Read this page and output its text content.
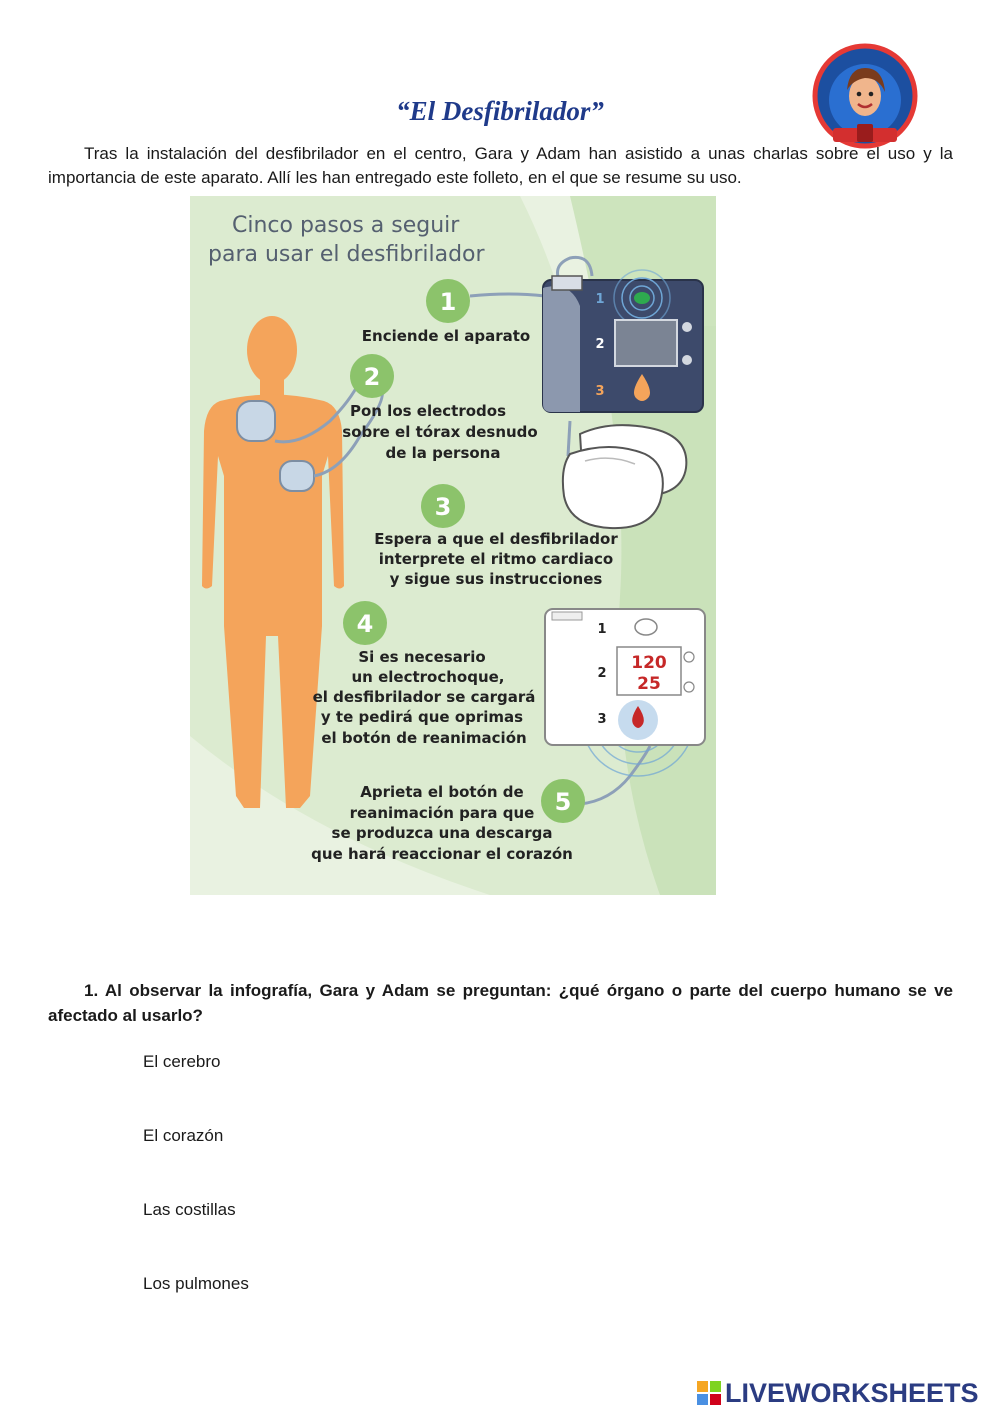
“El Desfibrilador”

Tras la instalación del desfibrilador en el centro, Gara y Adam han asistido a unas charlas sobre el uso y la importancia de este aparato. Allí les han entregado este folleto, en el que se resume su uso.

Cinco pasos a seguir
para usar el desfibrilador
1
2
3
4
5
Enciende el aparato
Pon los electrodos
sobre el tórax desnudo
de la persona
Espera a que el desfibrilador
interprete el ritmo cardiaco
y sigue sus instrucciones
Si es necesario
un electrochoque,
el desfibrilador se cargará
y te pedirá que oprimas
el botón de reanimación
Aprieta el botón de
reanimación para que
se produzca una descarga
que hará reaccionar el corazón
1
2
3
120
25
1
2
3

1. Al observar la infografía, Gara y Adam se preguntan: ¿qué órgano o parte del cuerpo humano se ve afectado al usarlo?

El cerebro
El corazón
Las costillas
Los pulmones
LIVEWORKSHEETS
